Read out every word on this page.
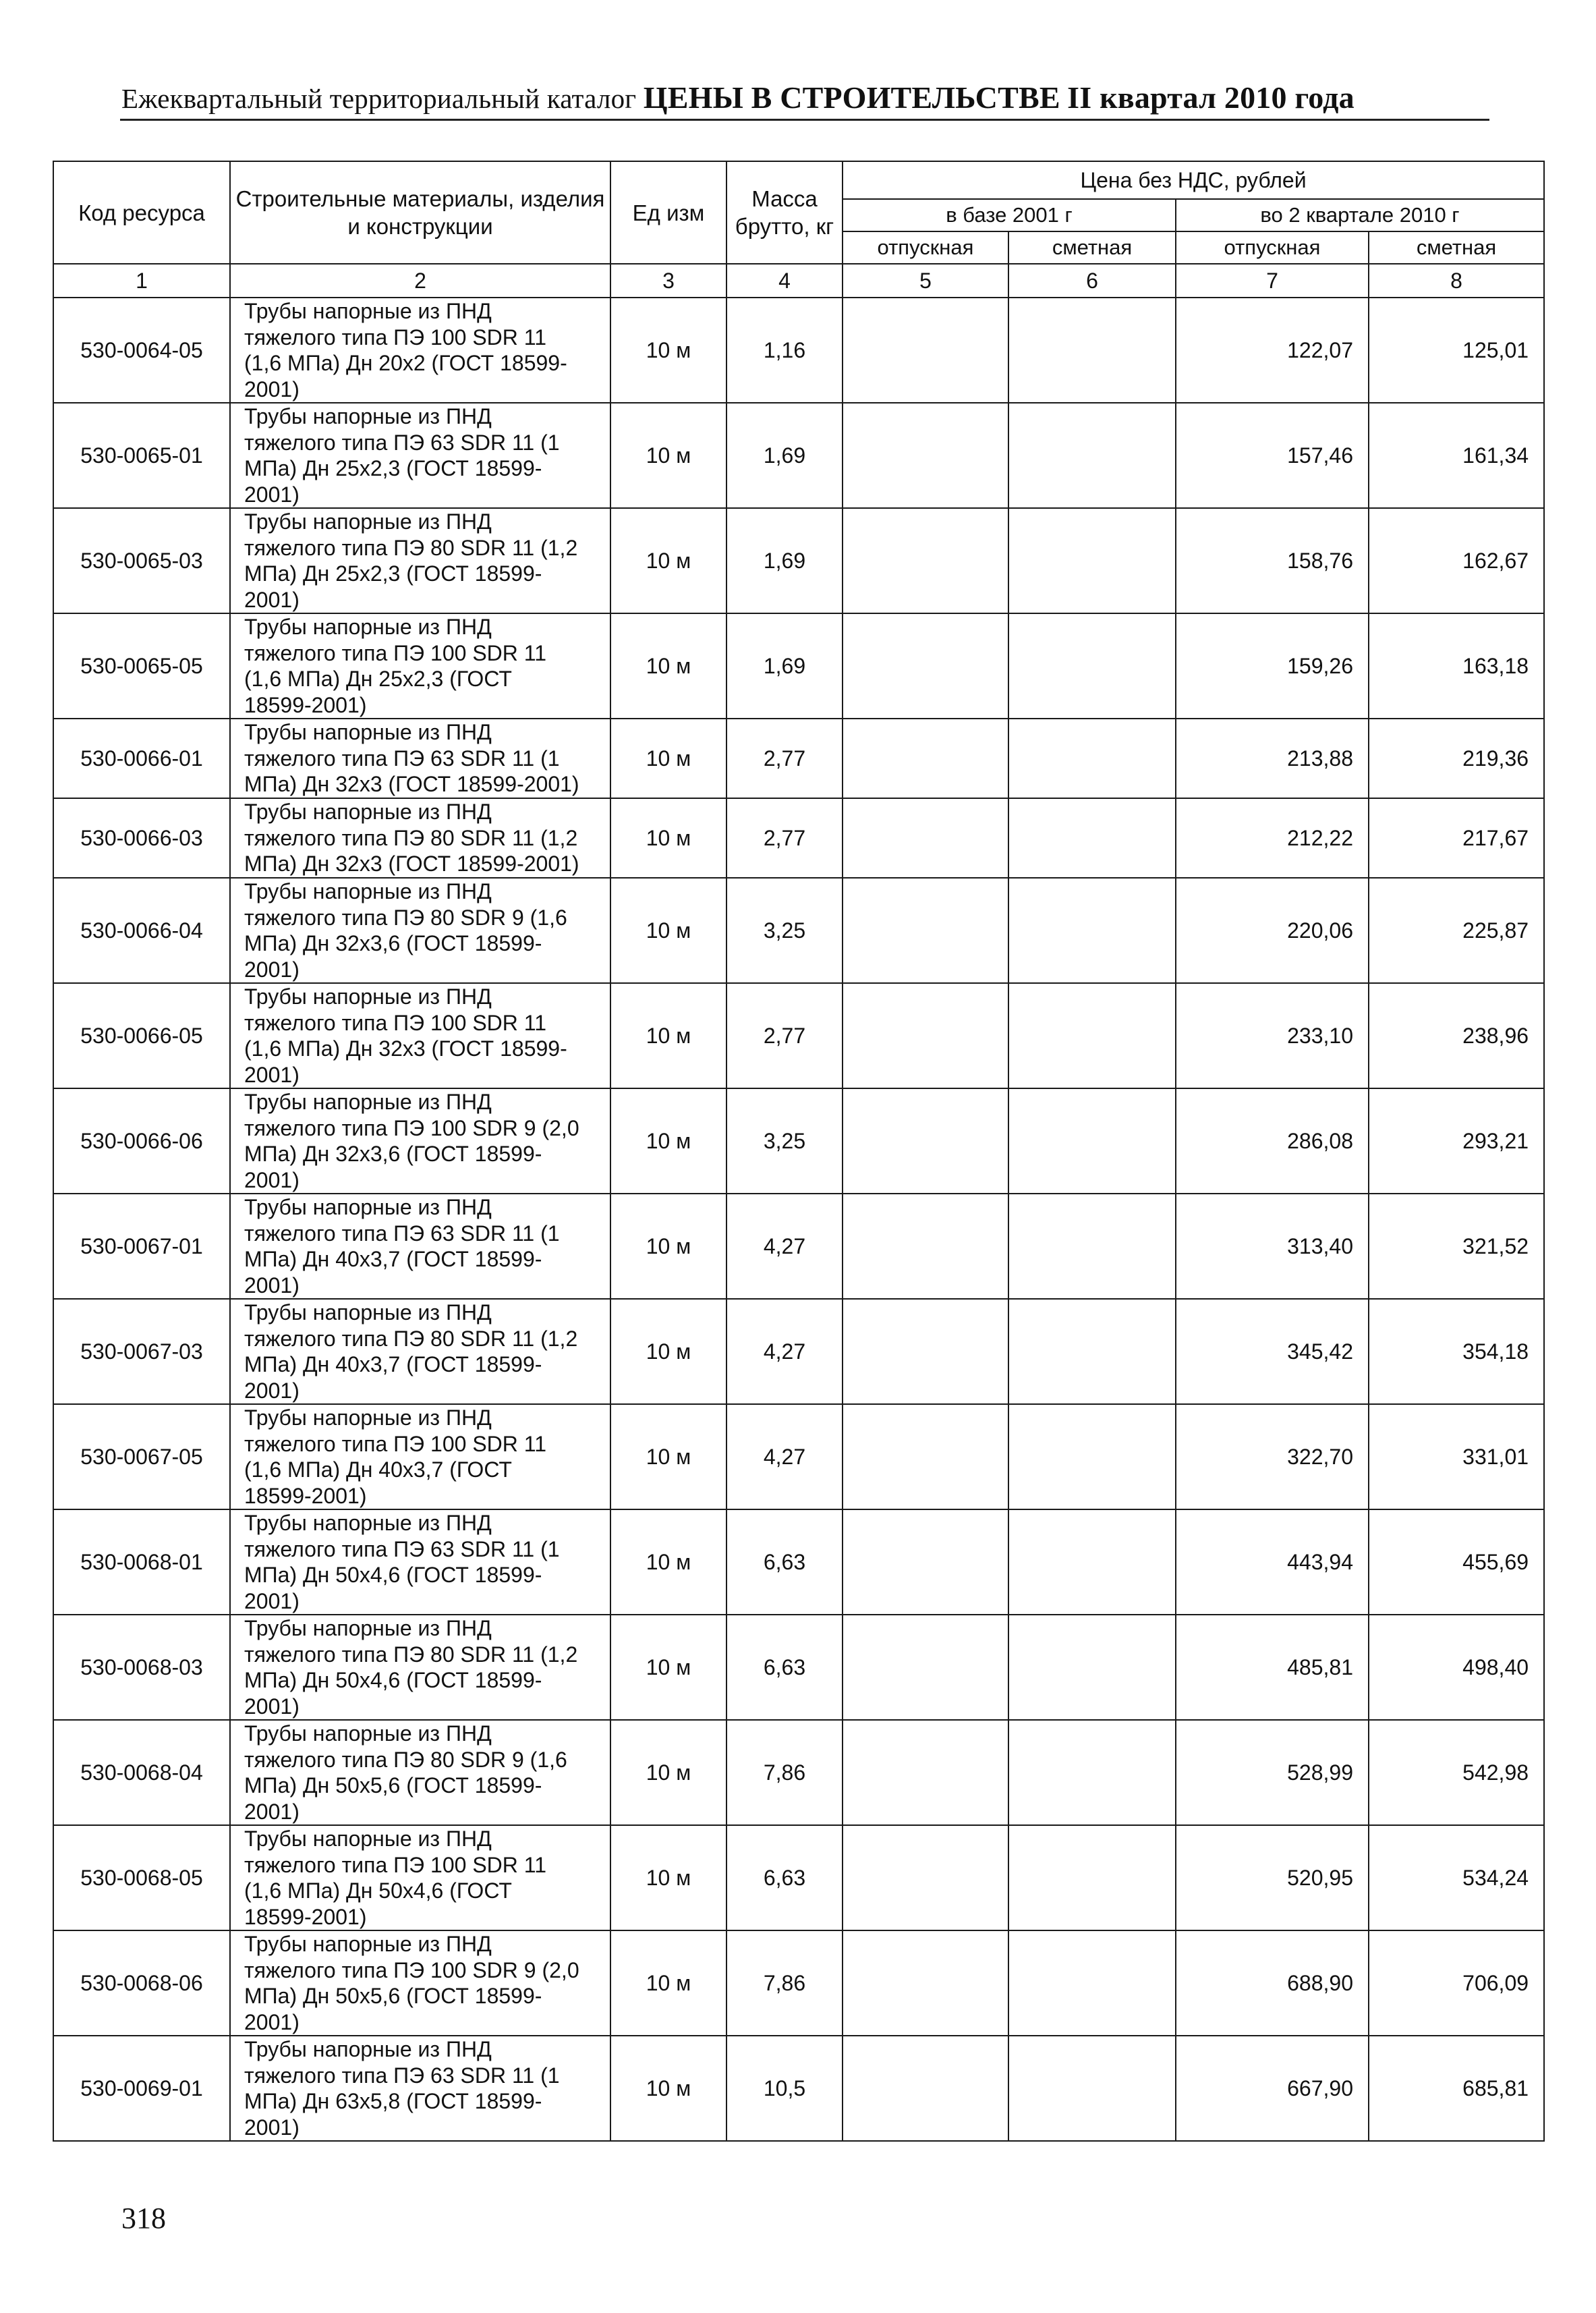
Ежеквартальный территориальный каталог ЦЕНЫ В СТРОИТЕЛЬСТВЕ II квартал 2010 года
Код ресурса	Строительные материалы, изделия и конструкции	Ед изм	Масса брутто, кг	Цена без НДС, рублей			
				в базе 2001 г		во 2 квартале 2010 г	
				отпускная	сметная	отпускная	сметная
1	2	3	4	5	6	7	8
530-0064-05	Трубы напорные из ПНД
тяжелого типа ПЭ 100 SDR 11
(1,6 МПа) Дн 20х2 (ГОСТ 18599-
2001)	10 м	1,16			122,07	125,01
530-0065-01	Трубы напорные из ПНД
тяжелого типа ПЭ 63 SDR 11 (1
МПа) Дн 25х2,3 (ГОСТ 18599-
2001)	10 м	1,69			157,46	161,34
530-0065-03	Трубы напорные из ПНД
тяжелого типа ПЭ 80 SDR 11 (1,2
МПа) Дн 25х2,3 (ГОСТ 18599-
2001)	10 м	1,69			158,76	162,67
530-0065-05	Трубы напорные из ПНД
тяжелого типа ПЭ 100 SDR 11
(1,6 МПа) Дн 25х2,3 (ГОСТ
18599-2001)	10 м	1,69			159,26	163,18
530-0066-01	Трубы напорные из ПНД
тяжелого типа ПЭ 63 SDR 11 (1
МПа) Дн 32х3 (ГОСТ 18599-2001)	10 м	2,77			213,88	219,36
530-0066-03	Трубы напорные из ПНД
тяжелого типа ПЭ 80 SDR 11 (1,2
МПа) Дн 32х3 (ГОСТ 18599-2001)	10 м	2,77			212,22	217,67
530-0066-04	Трубы напорные из ПНД
тяжелого типа ПЭ 80 SDR 9 (1,6
МПа) Дн 32х3,6 (ГОСТ 18599-
2001)	10 м	3,25			220,06	225,87
530-0066-05	Трубы напорные из ПНД
тяжелого типа ПЭ 100 SDR 11
(1,6 МПа) Дн 32х3 (ГОСТ 18599-
2001)	10 м	2,77			233,10	238,96
530-0066-06	Трубы напорные из ПНД
тяжелого типа ПЭ 100 SDR 9 (2,0
МПа) Дн 32х3,6 (ГОСТ 18599-
2001)	10 м	3,25			286,08	293,21
530-0067-01	Трубы напорные из ПНД
тяжелого типа ПЭ 63 SDR 11 (1
МПа) Дн 40х3,7 (ГОСТ 18599-
2001)	10 м	4,27			313,40	321,52
530-0067-03	Трубы напорные из ПНД
тяжелого типа ПЭ 80 SDR 11 (1,2
МПа) Дн 40х3,7 (ГОСТ 18599-
2001)	10 м	4,27			345,42	354,18
530-0067-05	Трубы напорные из ПНД
тяжелого типа ПЭ 100 SDR 11
(1,6 МПа) Дн 40х3,7 (ГОСТ
18599-2001)	10 м	4,27			322,70	331,01
530-0068-01	Трубы напорные из ПНД
тяжелого типа ПЭ 63 SDR 11 (1
МПа) Дн 50х4,6 (ГОСТ 18599-
2001)	10 м	6,63			443,94	455,69
530-0068-03	Трубы напорные из ПНД
тяжелого типа ПЭ 80 SDR 11 (1,2
МПа) Дн 50х4,6 (ГОСТ 18599-
2001)	10 м	6,63			485,81	498,40
530-0068-04	Трубы напорные из ПНД
тяжелого типа ПЭ 80 SDR 9 (1,6
МПа) Дн 50х5,6 (ГОСТ 18599-
2001)	10 м	7,86			528,99	542,98
530-0068-05	Трубы напорные из ПНД
тяжелого типа ПЭ 100 SDR 11
(1,6 МПа) Дн 50х4,6 (ГОСТ
18599-2001)	10 м	6,63			520,95	534,24
530-0068-06	Трубы напорные из ПНД
тяжелого типа ПЭ 100 SDR 9 (2,0
МПа) Дн 50х5,6 (ГОСТ 18599-
2001)	10 м	7,86			688,90	706,09
530-0069-01	Трубы напорные из ПНД
тяжелого типа ПЭ 63 SDR 11 (1
МПа) Дн 63х5,8 (ГОСТ 18599-
2001)	10 м	10,5			667,90	685,81
318
